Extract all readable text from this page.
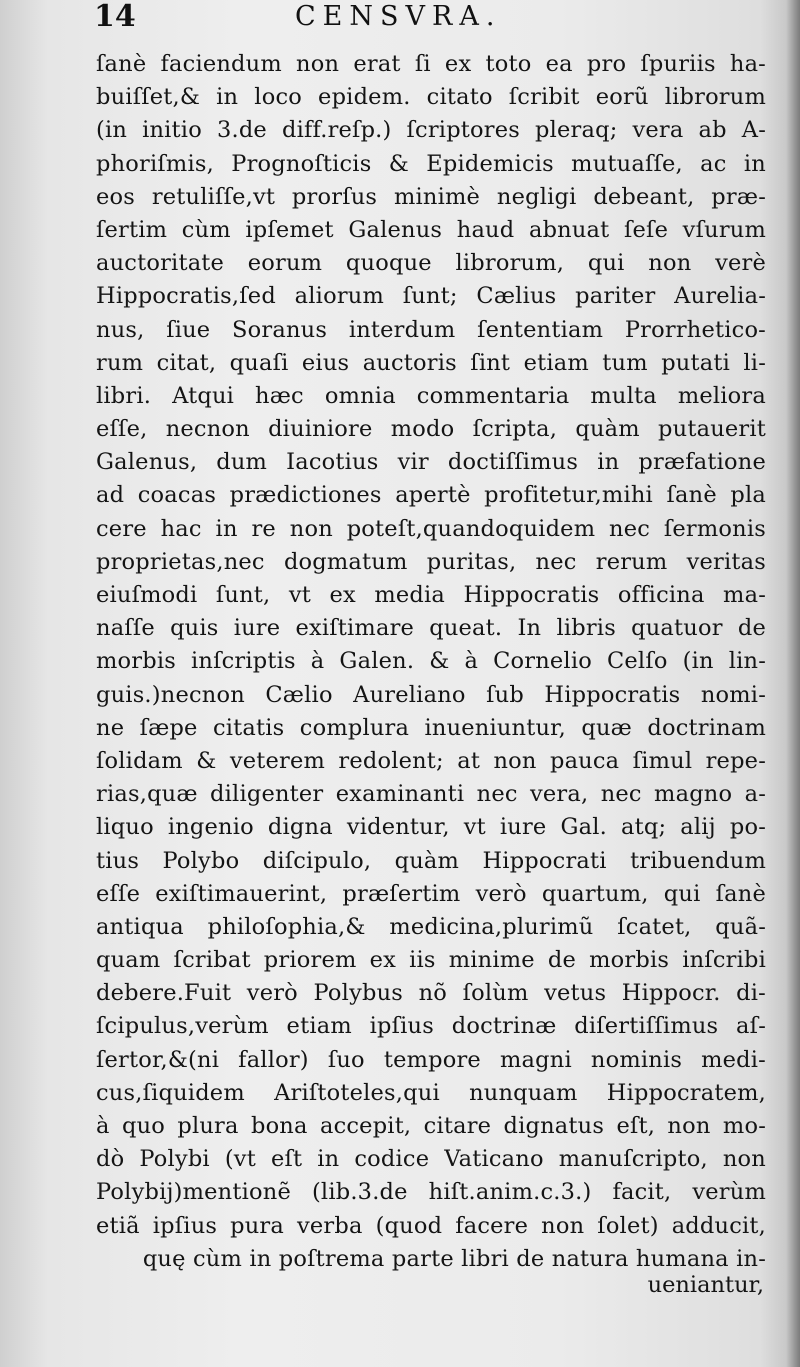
14	CENSVRA.
ſanè faciendum non erat ſi ex toto ea pro ſpuriis ha-
buiſſet,& in loco epidem. citato ſcribit eorũ librorum
(in initio 3.de diff.reſp.) ſcriptores pleraq; vera ab A-
phoriſmis, Prognoſticis & Epidemicis mutuaſſe, ac in
eos retuliſſe,vt prorſus minimè negligi debeant, præ-
ſertim cùm ipſemet Galenus haud abnuat ſeſe vſurum
auctoritate eorum quoque librorum, qui non verè
Hippocratis,ſed aliorum ſunt; Cælius pariter Aurelia-
nus, ſiue Soranus interdum ſententiam Prorrhetico-
rum citat, quaſi eius auctoris ſint etiam tum putati li-
libri. Atqui hæc omnia commentaria multa meliora
eſſe, necnon diuiniore modo ſcripta, quàm putauerit
Galenus, dum Iacotius vir doctiſſimus in præfatione
ad coacas prædictiones apertè profitetur,mihi ſanè pla
cere hac in re non poteſt,quandoquidem nec ſermonis
proprietas,nec dogmatum puritas, nec rerum veritas
eiuſmodi ſunt, vt ex media Hippocratis officina ma-
naſſe quis iure exiſtimare queat. In libris quatuor de
morbis inſcriptis à Galen. & à Cornelio Celſo (in lin-
guis.)necnon Cælio Aureliano ſub Hippocratis nomi-
ne ſæpe citatis complura inueniuntur, quæ doctrinam
ſolidam & veterem redolent; at non pauca ſimul repe-
rias,quæ diligenter examinanti nec vera, nec magno a-
liquo ingenio digna videntur, vt iure Gal. atq; alij po-
tius Polybo diſcipulo, quàm Hippocrati tribuendum
eſſe exiſtimauerint, præſertim verò quartum, qui ſanè
antiqua philoſophia,& medicina,plurimũ ſcatet, quã-
quam ſcribat priorem ex iis minime de morbis inſcribi
debere.Fuit verò Polybus nõ ſolùm vetus Hippocr. di-
ſcipulus,verùm etiam ipſius doctrinæ diſertiſſimus aſ-
ſertor,&(ni fallor) ſuo tempore magni nominis medi-
cus,ſiquidem Ariſtoteles,qui nunquam Hippocratem,
à quo plura bona accepit, citare dignatus eſt, non mo-
dò Polybi (vt eſt in codice Vaticano manuſcripto, non
Polybij)mentionẽ (lib.3.de hiſt.anim.c.3.) facit, verùm
etiã ipſius pura verba (quod facere non ſolet) adducit,
quę cùm in poſtrema parte libri de natura humana in-
ueniantur,
